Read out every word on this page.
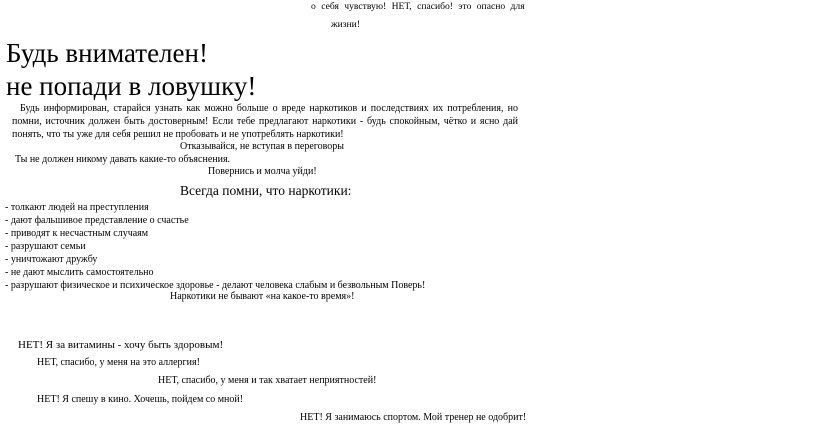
о себя чувствую! НЕТ, спасибо! это опасно для
жизни!
Будь внимателен!
не попади в ловушку!
Будь информирован, старайся узнать как можно больше о вреде наркотиков и последствиях их потребления, но помни, источник должен быть достоверным! Если тебе предлагают наркотики - будь спокойным, чётко и ясно дай понять, что ты уже для себя решил не пробовать и не употреблять наркотики!
Отказывайся, не вступая в переговоры
Ты не должен никому давать какие-то объяснения.
Повернись и молча уйди!
Всегда помни, что наркотики:
- толкают людей на преступления
- дают фальшивое представление о счастье
- приводят к несчастным случаям
- разрушают семьи
- уничтожают дружбу
- не дают мыслить самостоятельно
- разрушают физическое и психическое здоровье - делают человека слабым и безвольным Поверь!
Наркотики не бывают «на какое-то время»!
НЕТ! Я за витамины - хочу быть здоровым!
НЕТ, спасибо, у меня на это аллергия!
НЕТ, спасибо, у меня и так хватает неприятностей!
НЕТ! Я спешу в кино. Хочешь, пойдем со мной!
НЕТ! Я занимаюсь спортом. Мой тренер не одобрит!
